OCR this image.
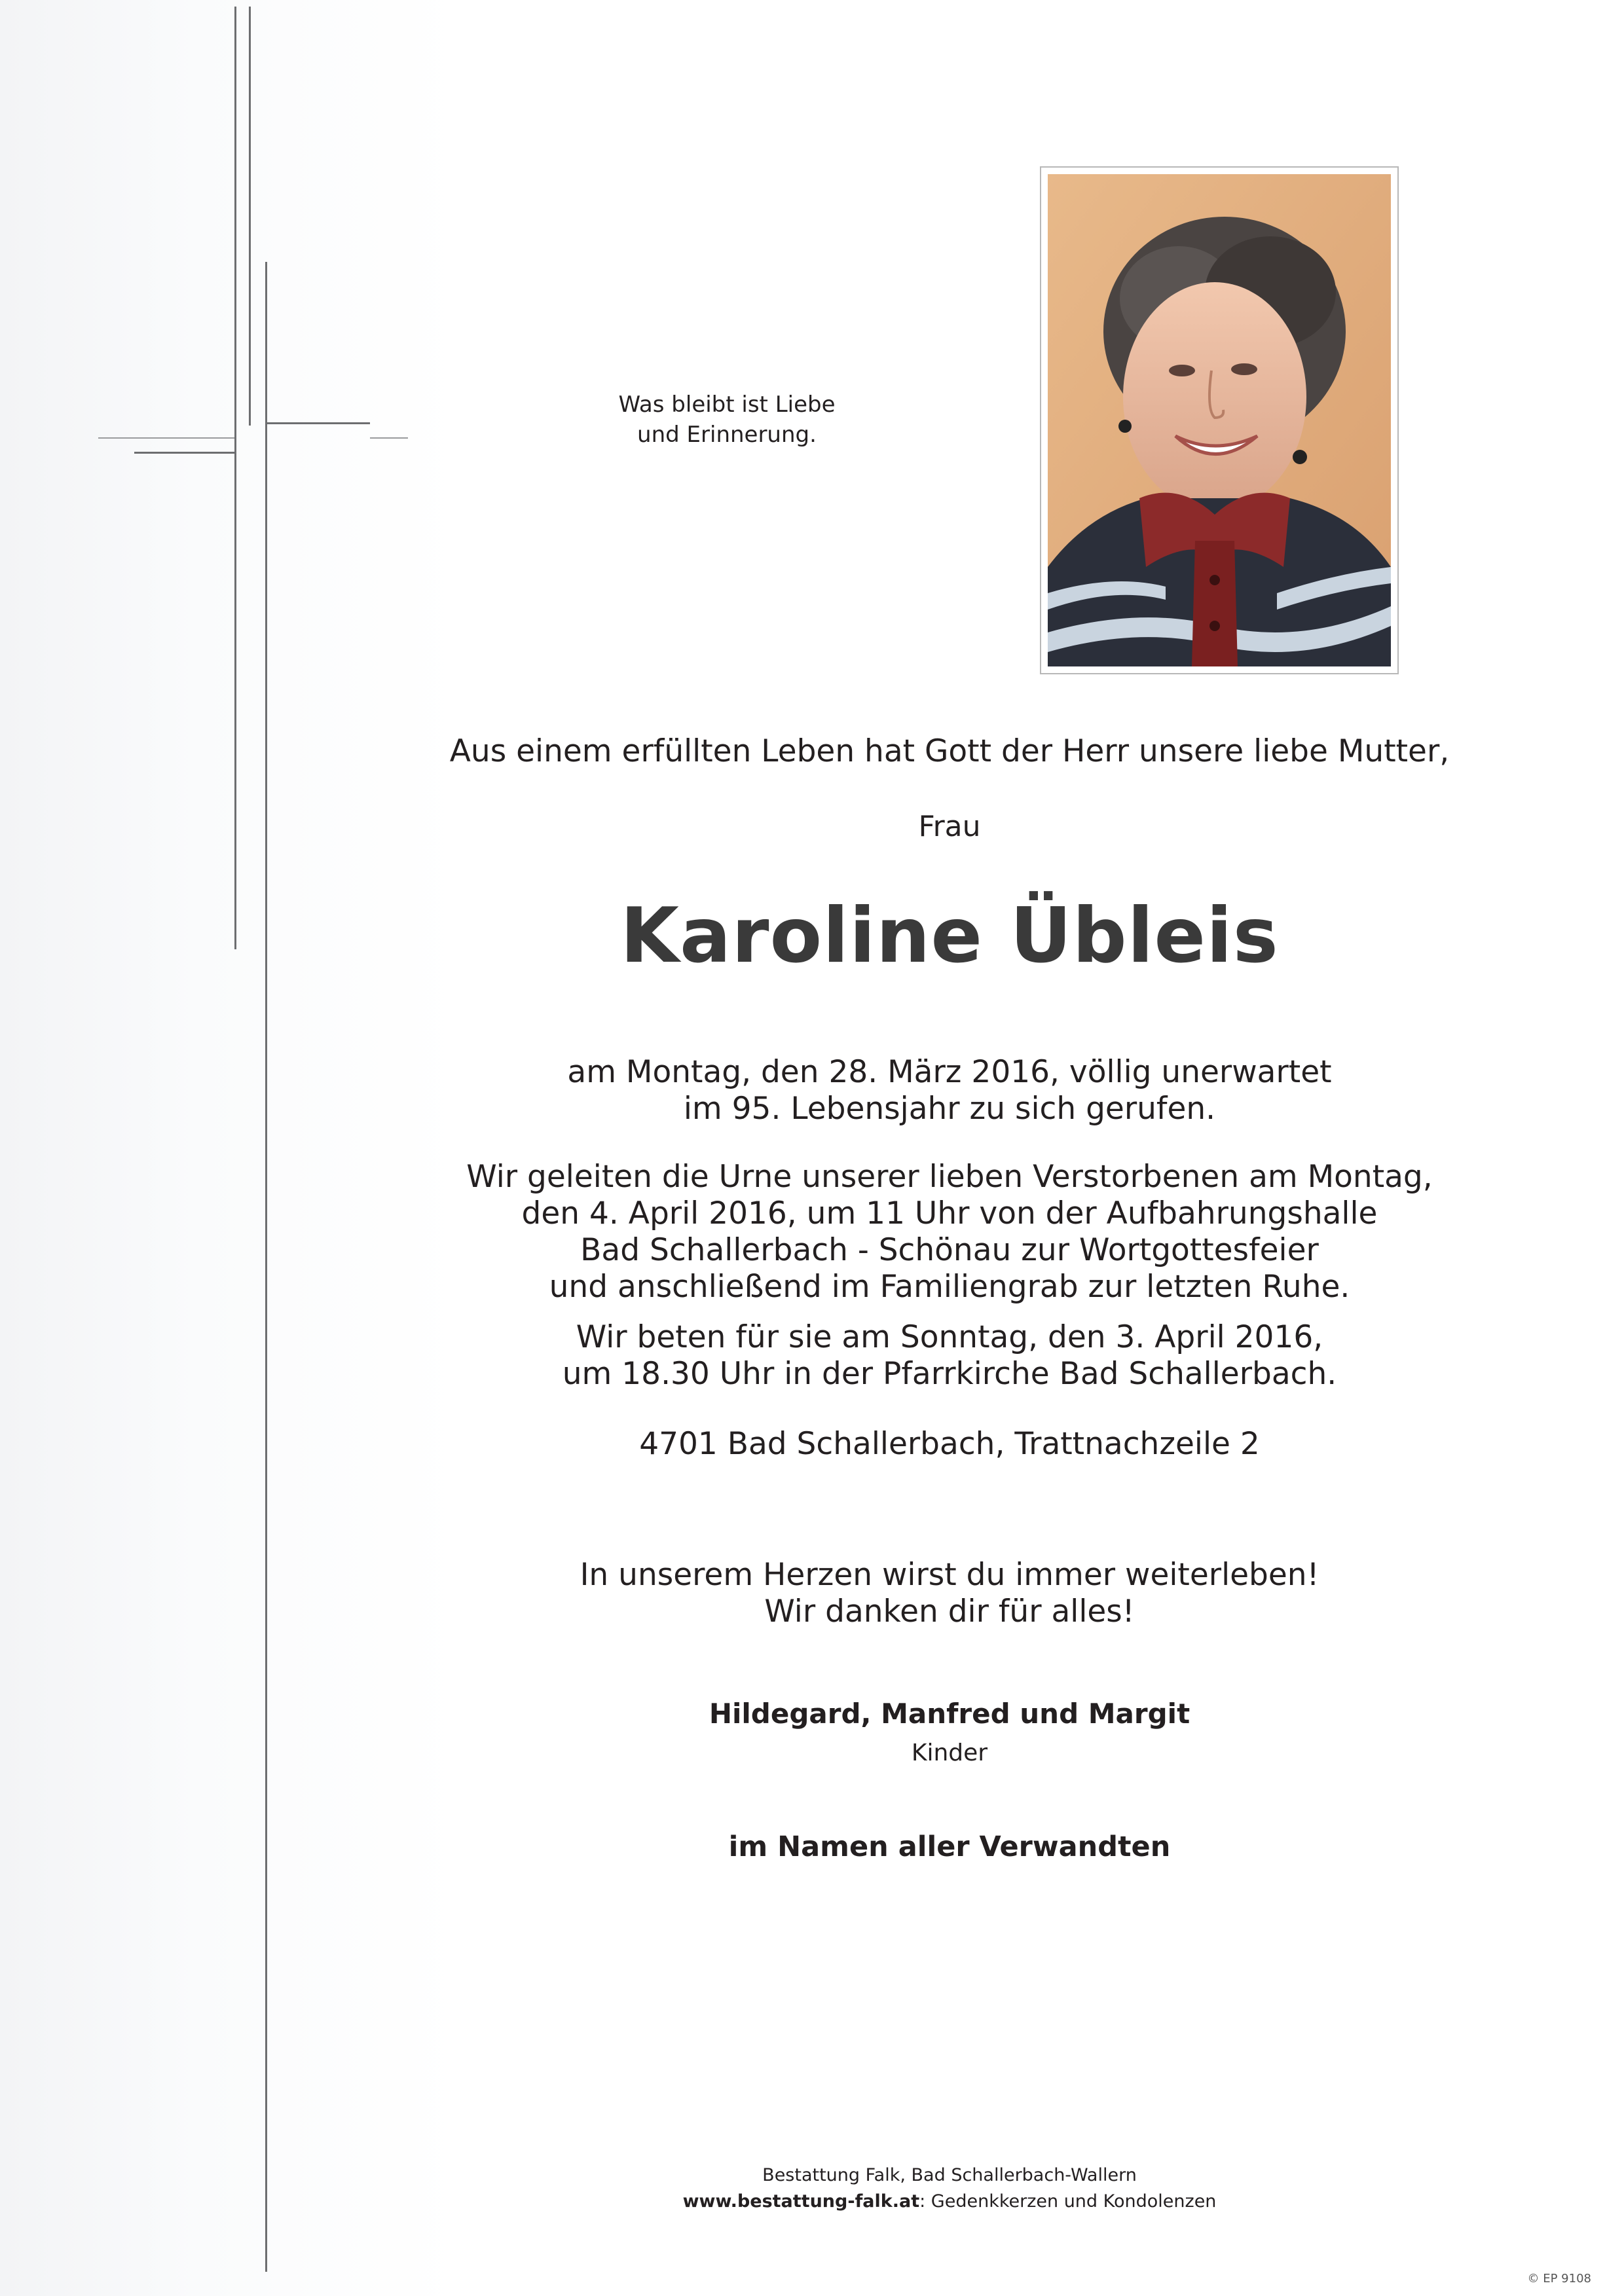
Was bleibt ist Liebe
und Erinnerung.
Aus einem erfüllten Leben hat Gott der Herr unsere liebe Mutter,
Frau
Karoline Übleis
am Montag, den 28. März 2016, völlig unerwartet
im 95. Lebensjahr zu sich gerufen.
Wir geleiten die Urne unserer lieben Verstorbenen am Montag,
den 4. April 2016, um 11 Uhr von der Aufbahrungshalle
Bad Schallerbach - Schönau zur Wortgottesfeier
und anschließend im Familiengrab zur letzten Ruhe.
Wir beten für sie am Sonntag, den 3. April 2016,
um 18.30 Uhr in der Pfarrkirche Bad Schallerbach.
4701 Bad Schallerbach, Trattnachzeile 2
In unserem Herzen wirst du immer weiterleben!
Wir danken dir für alles!
Hildegard, Manfred und Margit
Kinder
im Namen aller Verwandten
Bestattung Falk, Bad Schallerbach-Wallern
www.bestattung-falk.at: Gedenkkerzen und Kondolenzen
© EP 9108
